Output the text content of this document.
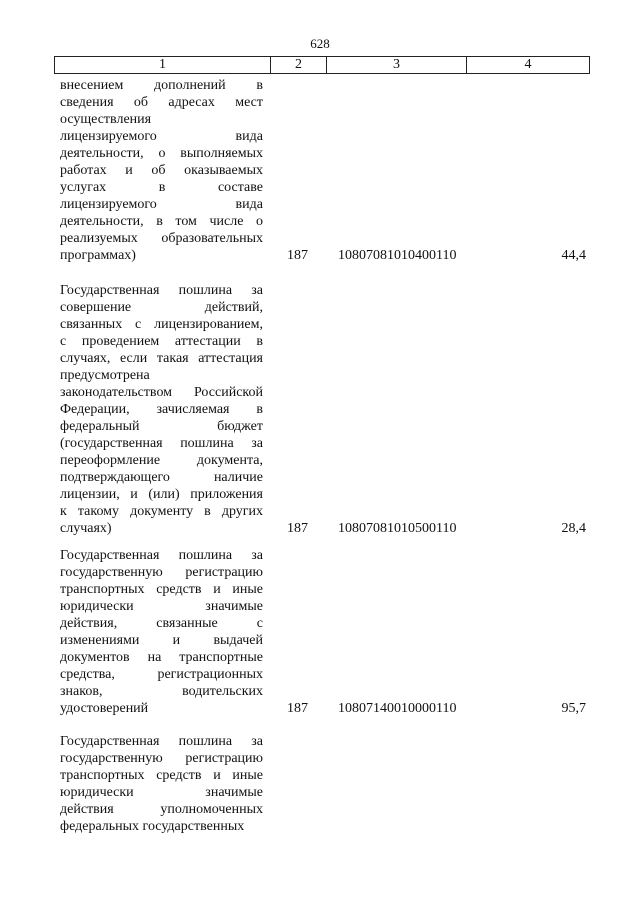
628
1	2	3	4
внесением дополнений в
сведения об адресах мест
осуществления
лицензируемого вида
деятельности, о выполняемых
работах и об оказываемых
услугах в составе
лицензируемого вида
деятельности, в том числе о
реализуемых образовательных
программах)	187 10807081010400110	44,4
Государственная пошлина за
совершение действий,
связанных с лицензированием,
с проведением аттестации в
случаях, если такая аттестация
предусмотрена
законодательством Российской
Федерации, зачисляемая в
федеральный бюджет
(государственная пошлина за
переоформление документа,
подтверждающего наличие
лицензии, и (или) приложения
к такому документу в других
случаях)	187 10807081010500110	28,4
Государственная пошлина за
государственную регистрацию
транспортных средств и иные
юридически значимые
действия, связанные с
изменениями и выдачей
документов на транспортные
средства, регистрационных
знаков, водительских
удостоверений	187 10807140010000110	95,7
Государственная пошлина за
государственную регистрацию
транспортных средств и иные
юридически значимые
действия уполномоченных
федеральных государственных
